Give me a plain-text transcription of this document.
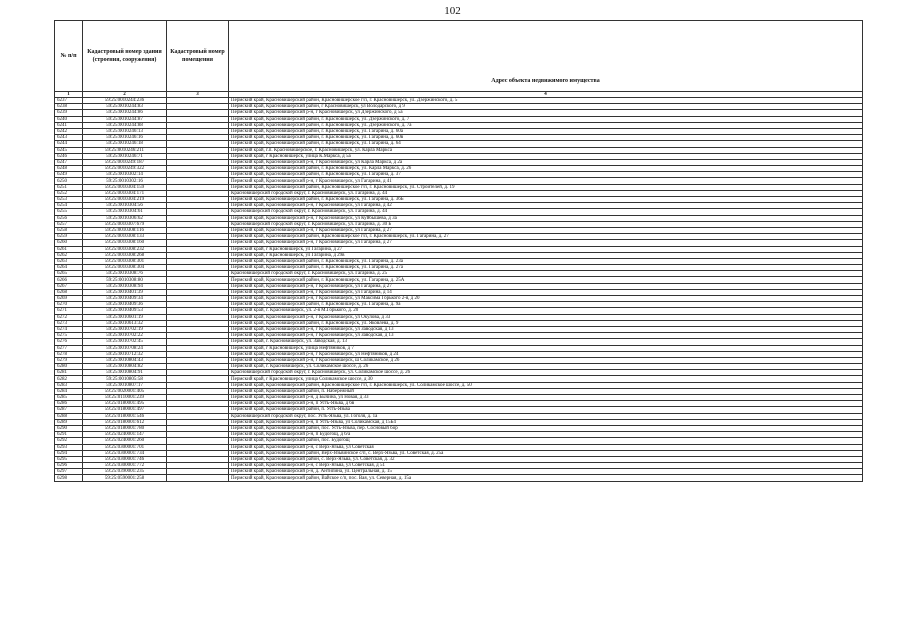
102
№ п/п	Кадастровый номер здания (строения, сооружения)	Кадастровый номер помещения	Адрес объекта недвижимого имущества
1	2	3	4
6237	59:25:0010244:236		Пермский край, Красновишерский район, Красновишерское г/п, г. Красновишерск, ул. Дзержинского, д. 5
6238	59:25:0010244:83		Пермский край, Красновишерский район, г Красновишерск, ул Володарского, д 9
6239	59:25:0010244:86		Пермский край, Красновишерский р-н, г Красновишерск, ул Дзержинского, д 5а
6240	59:25:0010244:87		Пермский край, Красновишерский район, г. Красновишерск, ул. Дзержинского, д. 7
6241	59:25:0010244:88		Пермский край, Красновишерский район, г. Красновишерск, ул. Дзержинского, д. 7а
6242	59:25:0010246:13		Пермский край, Красновишерский район, г. Красновишерск, ул. Гагарина, д. 60а
6243	59:25:0010246:16		Пермский край, Красновишерский район, г. Красновишерск, ул. Гагарина, д. 60в
6244	59:25:0010246:18		Пермский край, Красновишерский район, г. Красновишерск, ул. Гагарина, д. 64
6245	59:25:0010246:211		Пермский край, г.п. Красновишерское, г. Красновишерск, ул. Карла Маркса
6246	59:25:0010246:71		Пермский край, г Красновишерск, улица К.Маркса, д 5а
6247	59:25:0010249:187		Пермский край, Красновишерский р-н, г Красновишерск, ул Карла Маркса, д 2а
6248	59:25:0010249:322		Пермский край, Красновишерский район, г. Красновишерск, ул. Карла Маркса, д. 26
6249	59:25:0010302:14		Пермский край, Красновишерский район, г. Красновишерск, ул. Гагарина, д. 37
6250	59:25:0010302:16		Пермский край, Красновишерский р-н, г Красновишерск, ул Гагарина, д 41
6251	59:25:0010304:159		Пермский край, Красновишерский район, Красновишерское г/п, г. Красновишерск, ул. Строителей, д. 19
6252	59:25:0010304:171		Красновишерский городской округ, г. Красновишерск, ул. Гагарина, д. 44
6253	59:25:0010304:219		Пермский край, Красновишерский район, г. Красновишерск, ул. Гагарина, д. 36Б
6254	59:25:0010304:56		Пермский край, Красновишерский р-н, г Красновишерск, ул Гагарина, д 42
6255	59:25:0010304:61		Красновишерский городской округ, г. Красновишерск, ул. Гагарина, д. 44
6256	59:25:0010306:62		Пермский край, Красновишерский р-н, г Красновишерск, ул Куйбышева, д 3а
6257	59:25:0010307:679		Красновишерский городской округ, г. Красновишерск, ул. Гагарина, д. 30 Б
6258	59:25:0010308:116		Пермский край, Красновишерский р-н, г Красновишерск, ул Гагарина, д 27
6259	59:25:0010308:133		Пермский край, Красновишерский район, Красновишерское г/п, г. Красновишерск, ул. Гагарина, д. 27
6260	59:25:0010308:160		Пермский край, Красновишерский р-н, г Красновишерск, ул Гагарина, д 27
6261	59:25:0010308:232		Пермский край, г Красновишерск, ул Гагарина, д 27
6262	59:25:0010308:268		Пермский край, г Красновишерск, ул Гагарина, д 29в
6263	59:25:0010308:301		Пермский край, Красновишерский район, г. Красновишерск, ул. Гагарина, д. 23а
6264	59:25:0010308:304		Пермский край, Красновишерский район, г. Красновишерск, ул. Гагарина, д. 27а
6265	59:25:0010308:76		Красновишерский городской округ, г. Красновишерск, ул. Гагарина, д. 25
6266	59:25:0010308:80		Пермский край, Красновишерский район, г. Красновишерск, ул. Гагарина, д. 25А
6267	59:25:0010308:94		Пермский край, Красновишерский р-н, г Красновишерск, ул Гагарина, д 27
6268	59:25:0010401:39		Пермский край, Красновишерский р-н, г Красновишерск, ул Гагарина, д 14
6269	59:25:0010409:34		Пермский край, Красновишерский р-н, г Красновишерск, ул Максима Горького 2-я, д 20
6270	59:25:0010409:36		Пермский край, Красновишерский район, г. Красновишерск, ул. Гагарина, д. 9а
6271	59:25:0010409:53		Пермский край, г. Красновишерск, ул. 2-я М.Горького, д. 20
6272	59:25:0010601:19		Пермский край, Красновишерский р-н, г Красновишерск, ул Окулова, д 33
6273	59:25:0010613:32		Пермский край, Красновишерский район, г. Красновишерск, ул. Яковлева, д. 9
6274	59:25:0010702:19		Пермский край, Красновишерский р-н, г Красновишерск, ул Заводская, д 13
6275	59:25:0010702:22		Пермский край, Красновишерский р-н, г Красновишерск, ул Заводская, д 13
6276	59:25:0010702:45		Пермский край, г. Красновишерск, ул. Заводская, д. 13
6277	59:25:0010708:24		Пермский край, г Красновишерск, улица Нефтяников, д 7
6278	59:25:0010712:32		Пермский край, Красновишерский р-н, г Красновишерск, ул Нефтяников, д 24
6279	59:25:0010804:43		Пермский край, Красновишерский р-н, г Красновишерск, ш Соликамское, д 26
6280	59:25:0010804:82		Пермский край, г. Красновишерск, ул. Соликамское шоссе, д. 26
6281	59:25:0010804:91		Красновишерский городской округ, г. Красновишерск, ул. Соликамское шоссе, д. 26
6282	59:25:0010805:58		Пермский край, г Красновишерск, улица Соликамское шоссе, д 30
6283	59:25:0010807:17		Пермский край, Красновишерский район, Красновишерское г/п, г. Красновишерск, ул. Соликамское шоссе, д. 50
6284	59:25:0020001:405		Пермский край, Красновишерский район, п. Набережный
6285	59:25:0110001:239		Пермский край, Красновишерский р-н, д Бычина, ул Новая, д 33
6286	59:25:0180001:495		Пермский край, Красновишерский р-н, п Усть-Язьва, д 6в
6287	59:25:0180001:497		Пермский край, Красновишерский район, п. Усть-Язьва
6288	59:25:0180001:546		Красновишерский городской округ, пос. Усть-Язьва, ул. Гоголя, д. 1а
6289	59:25:0180001:612		Пермский край, Красновишерский р-н, п Усть-Язьва, ул Соликамская, д 15Б4
6290	59:25:0180001:780		Пермский край, Красновишерский район, пос. Усть-Язьва, пер. Сосновый бор
6291	59:25:0240001:147		Пермский край, Красновишерский р-н, п Будогощ, д 6/а
6292	59:25:0240001:260		Пермский край, Красновишерский район, пос. Будогощ
6293	59:25:0300001:701		Пермский край, Красновишерский р-н, с Верх-Язьва, ул Советская
6294	59:25:0300001:734		Пермский край, Красновишерский район, Верх-Язьвинское с/п, с. Верх-Язьва, ул. Советская, д. 25а
6295	59:25:0300001:746		Пермский край, Красновишерский район, с. Верх-Язьва, ул. Советская, д. 32
6296	59:25:0300001:772		Пермский край, Красновишерский р-н, с Верх-Язьва, ул Советская, д 51
6297	59:25:0390001:235		Пермский край, Красновишерский р-н, д. Антипина, ул. Центральная, д. 15
6298	59:25:0590001:258		Пермский край, Красновишерский район, Вайское с/п, пос. Вая, ул. Северная, д. 15а
